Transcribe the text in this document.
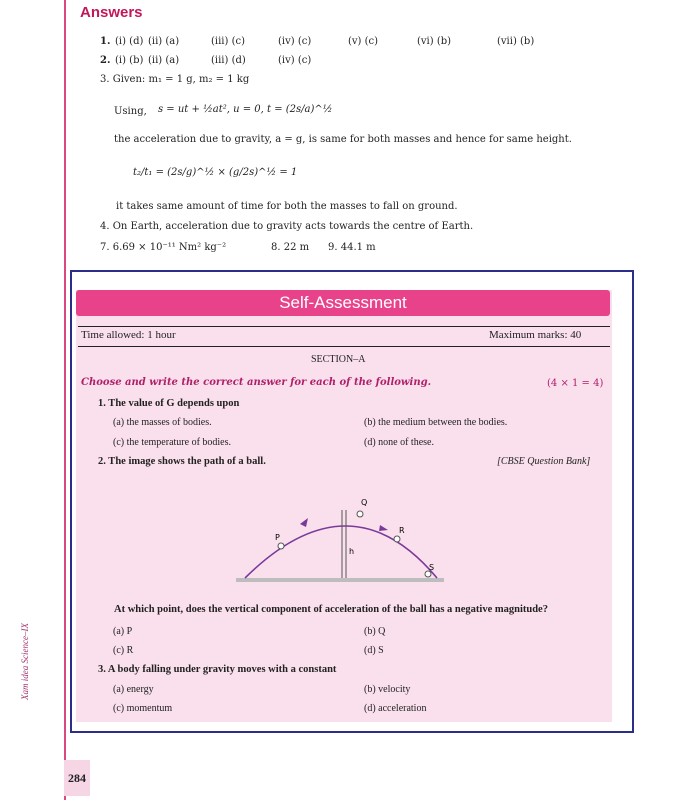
Xam idea Science–IX
284
Answers
1. (i) (d) (ii) (a)	(iii) (c)	(iv) (c)	(v) (c)	(vi) (b)	(vii) (b)
2. (i) (b) (ii) (a)	(iii) (d)	(iv) (c)
3. Given: m₁ = 1 g, m₂ = 1 kg
Using, s = ut + ½at², u = 0, t = (2s/a)^½
the acceleration due to gravity, a = g, is same for both masses and hence for same height.
t₂/t₁ = (2s/g)^½ × (g/2s)^½ = 1
it takes same amount of time for both the masses to fall on ground.
4. On Earth, acceleration due to gravity acts towards the centre of Earth.
7. 6.69 × 10⁻¹¹ Nm² kg⁻²	8. 22 m 9. 44.1 m
Self-Assessment
Time allowed: 1 hour	Maximum marks: 40
SECTION–A
Choose and write the correct answer for each of the following.	(4 × 1 = 4)
1. The value of G depends upon
(a) the masses of bodies.	(b) the medium between the bodies.
(c) the temperature of bodies.	(d) none of these.
2. The image shows the path of a ball.	[CBSE Question Bank]
P
Q
R
S
h
At which point, does the vertical component of acceleration of the ball has a negative magnitude?
(a) P	(b) Q
(c) R	(d) S
3. A body falling under gravity moves with a constant
(a) energy	(b) velocity
(c) momentum	(d) acceleration
